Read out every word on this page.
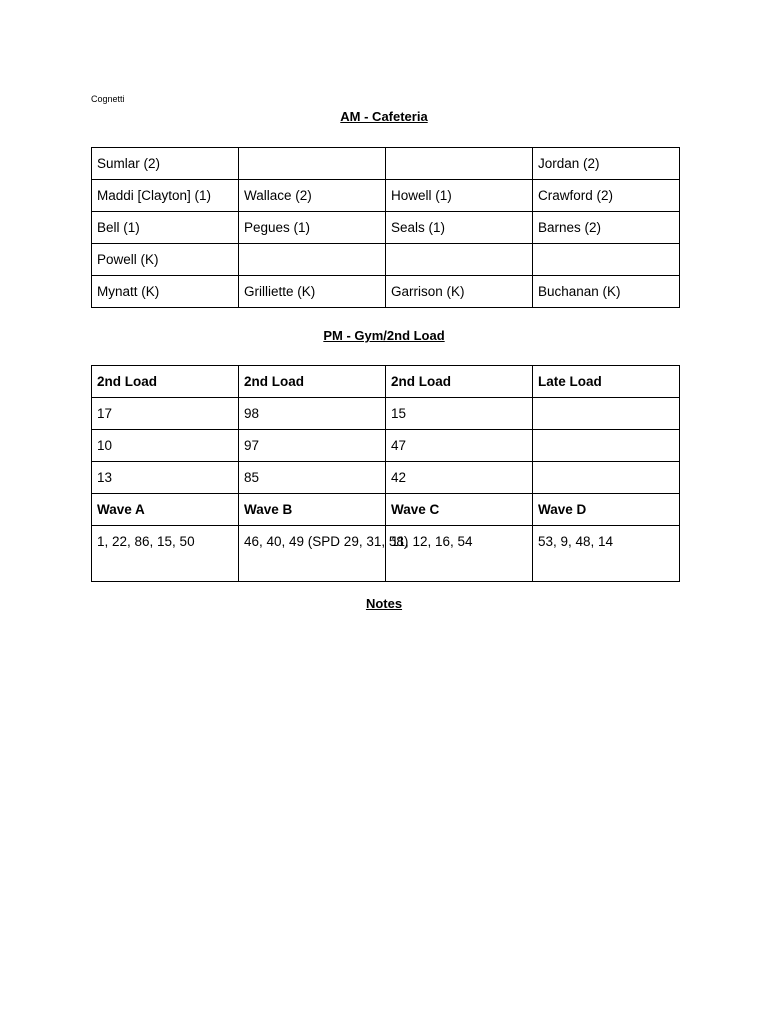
Cognetti
AM - Cafeteria
Sumlar (2)			Jordan (2)
Maddi [Clayton] (1)	Wallace (2)	Howell (1)	Crawford (2)
Bell (1)	Pegues (1)	Seals (1)	Barnes (2)
Powell (K)			
Mynatt (K)	Grilliette (K)	Garrison (K)	Buchanan (K)
PM - Gym/2nd Load
2nd Load	2nd Load	2nd Load	Late Load
17	98	15	
10	97	47	
13	85	42	
Wave A	Wave B	Wave C	Wave D
1, 22, 86, 15, 50	46, 40, 49 (SPD 29, 31, 58)	11, 12, 16, 54	53, 9, 48, 14
Notes
